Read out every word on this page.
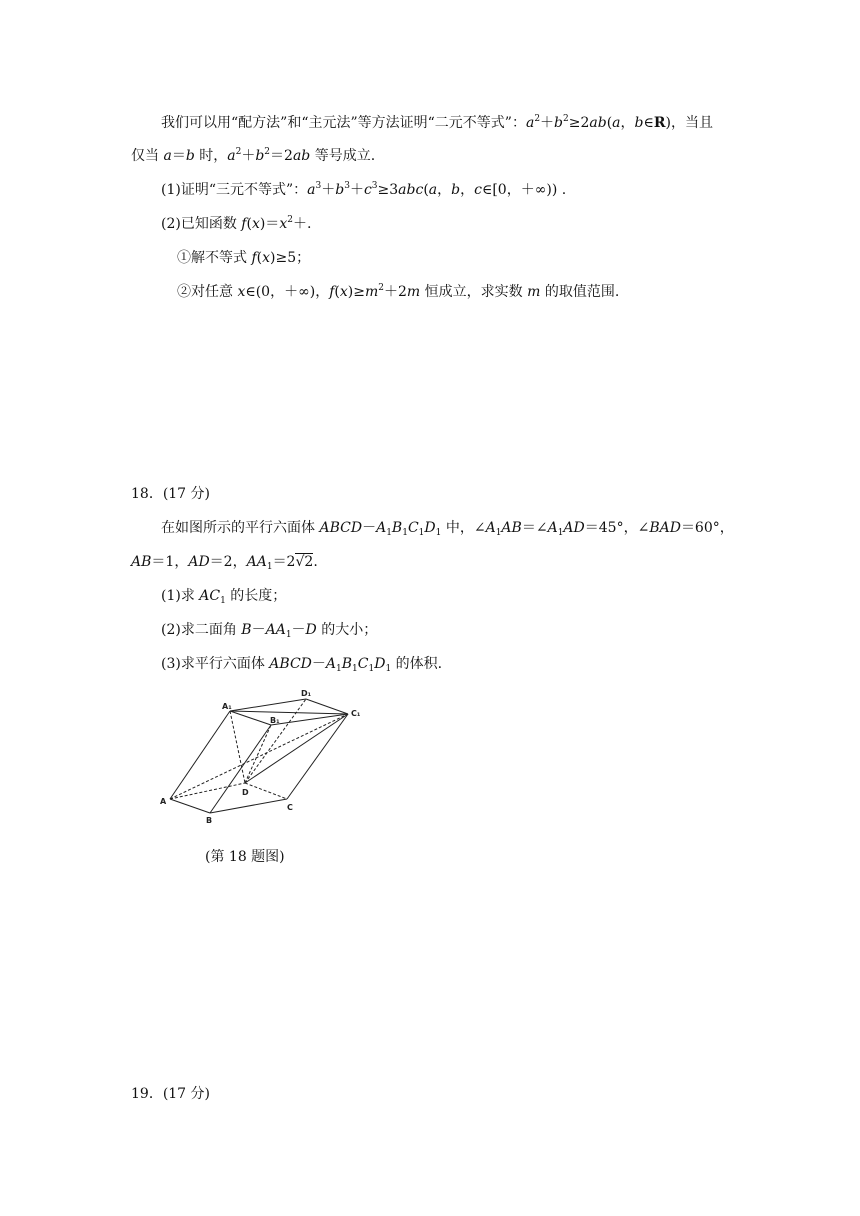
我们可以用“配方法”和“主元法”等方法证明“二元不等式”：$a^2+b^2\ge 2ab(a$，b∈R)，当且
仅当 a＝b 时，$a^2+b^2=2ab$ 等号成立.
(1)证明“三元不等式”：$a^3+b^3+c^3\ge 3abc(a$，b，c∈[0，＋∞)) .
(2)已知函数 $f(x)=x^2+$.
①解不等式 f(x)≥5；
②对任意 x∈(0，＋∞)，$f(x)\ge m^2+2m$ 恒成立，求实数 m 的取值范围.
18．(17 分)
在如图所示的平行六面体 $ABCD-A_1B_1C_1D_1$ 中，$\angle A_1AB=\angle A_1AD=45^\circ$，∠BAD＝60°，
AB＝1，AD＝2，$AA_1=2√2$.
(1)求 $AC_1$ 的长度；
(2)求二面角 $B-AA_1-D$ 的大小；
(3)求平行六面体 $ABCD-A_1B_1C_1D_1$ 的体积.
A₁
D₁
B₁
C₁
A
D
B
C
(第 18 题图)
19．(17 分)
